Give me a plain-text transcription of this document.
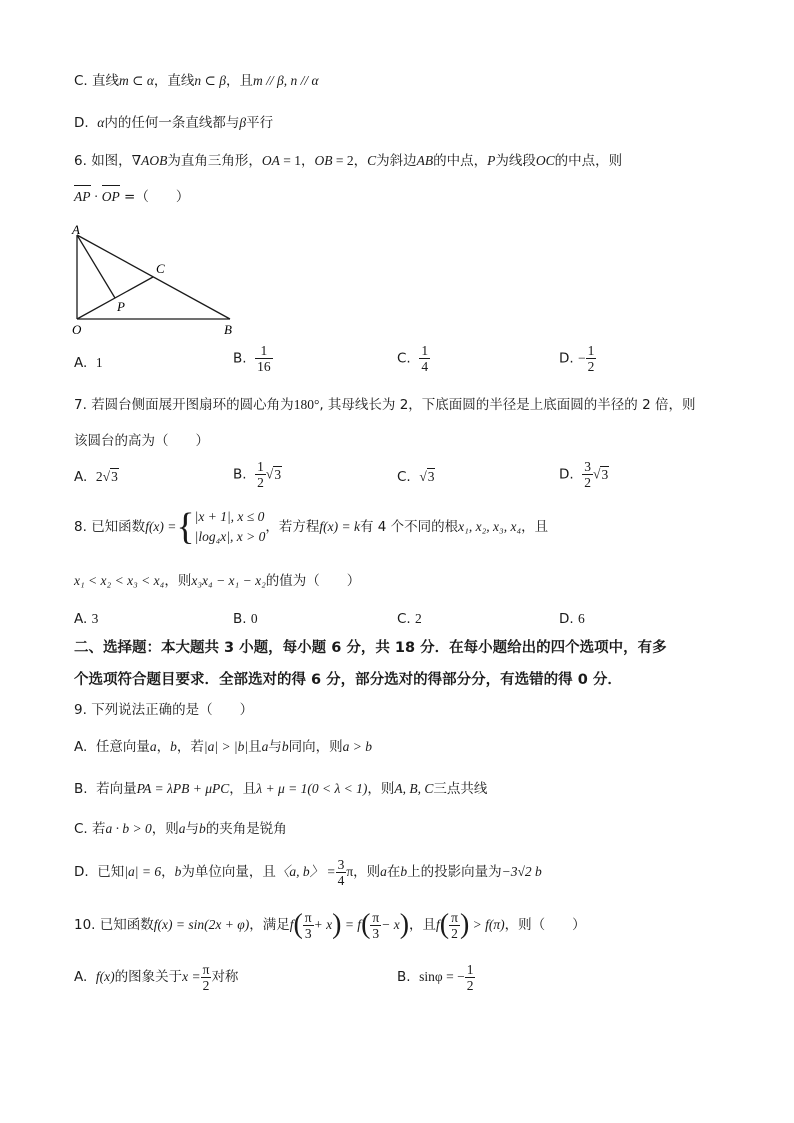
C. 直线m ⊂ α，直线n ⊂ β，且m // β, n // α
D. α内的任何一条直线都与β平行
6. 如图，∇AOB为直角三角形，OA = 1，OB = 2，C为斜边AB的中点，P为线段OC的中点，则
AP · OP =（　　）
A
C
P
O	B
A. 1	B. $\frac{1}{16}$	C. $\frac{1}{4}$	D. − $\frac{1}{2}$
7. 若圆台侧面展开图扇环的圆心角为180°, 其母线长为 2，下底面圆的半径是上底面圆的半径的 2 倍，则
该圆台的高为（　　）
A. 2√3	B. $\frac{1}{2} √3$	C. √3	D. $\frac{3}{2} √3$
8. 已知函数f(x) ={ |x + 1|, x ≤ 0
|log₄x|, x > 0
，若方程f(x) = k有 4 个不同的根x₁, x₂, x₃, x₄，且
x₁ < x₂ < x₃ < x₄，则x₃x₄ − x₁ − x₂的值为（　　）
A. 3	B. 0	C. 2	D. 6
二、选择题：本大题共 3 小题，每小题 6 分，共 18 分．在每小题给出的四个选项中，有多
个选项符合题目要求．全部选对的得 6 分，部分选对的得部分分，有选错的得 0 分．
9. 下列说法正确的是（　　）
A. 任意向量a，b，若|a| > |b|且a与b同向，则a > b
B. 若向量PA = λPB + μPC，且λ + μ = 1(0 < λ < 1)，则A, B, C三点共线
C. 若a · b > 0，则a与b的夹角是锐角
D. 已知|a| = 6，b为单位向量，且〈a, b〉 = $\frac{3}{4}$ π，则a在b上的投影向量为−3√2 b
10. 已知函数f(x) = sin(2x + φ)，满足$f( \frac{\pi}{3} + x) = f( \frac{\pi}{3} - x)$，且$f( \frac{\pi}{2}$ ) > f(π)，则（　　）
A. f(x)的图象关于$x = \frac{\pi}{2}$ 对称	B. sinφ = − $\frac{1}{2}$
